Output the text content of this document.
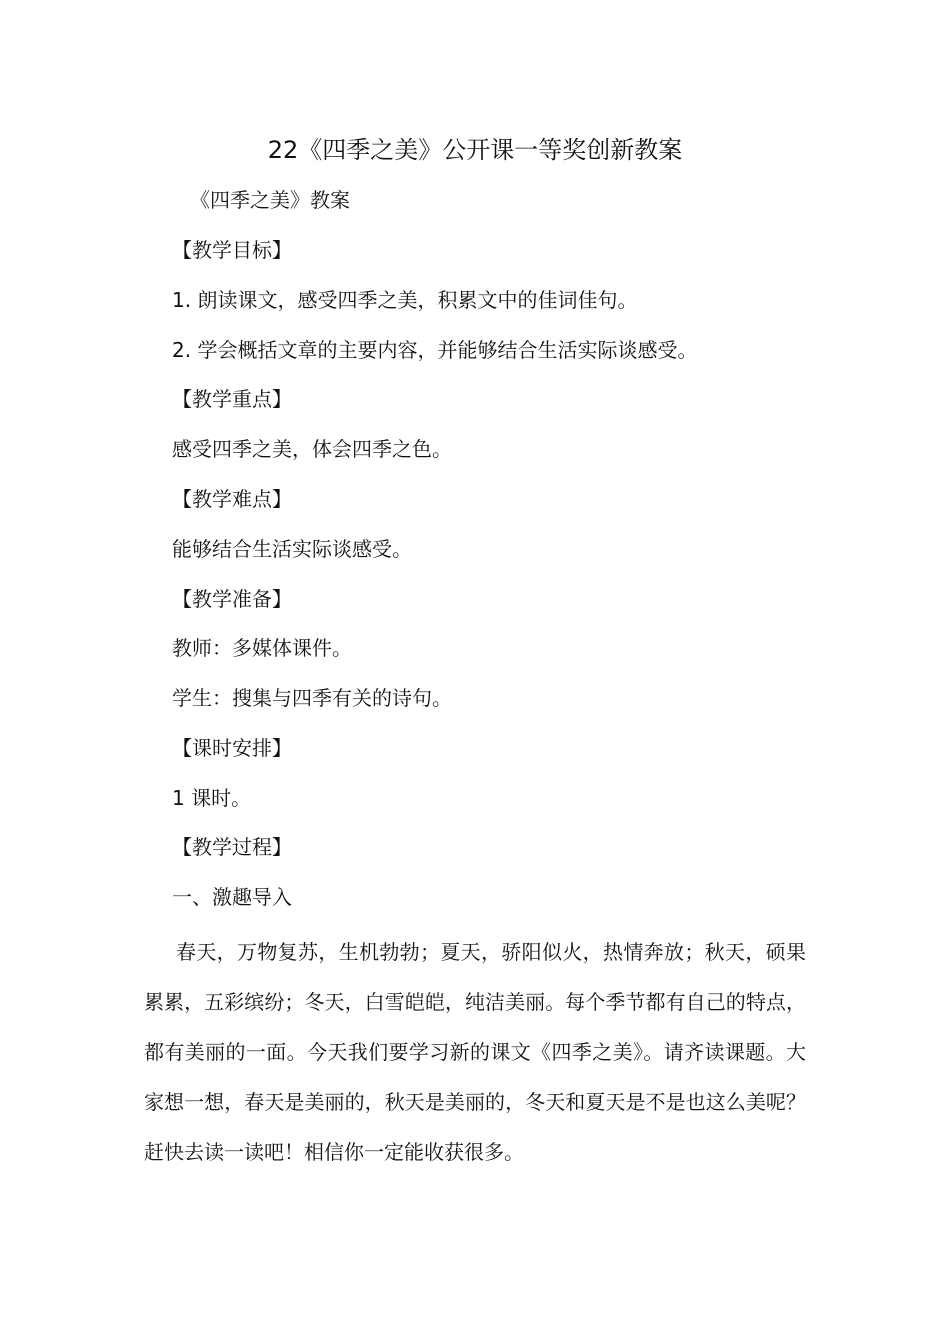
22《四季之美》公开课一等奖创新教案
《四季之美》教案
【教学目标】
1. 朗读课文，感受四季之美，积累文中的佳词佳句。
2. 学会概括文章的主要内容，并能够结合生活实际谈感受。
【教学重点】
感受四季之美，体会四季之色。
【教学难点】
能够结合生活实际谈感受。
【教学准备】
教师：多媒体课件。
学生：搜集与四季有关的诗句。
【课时安排】
1 课时。
【教学过程】
一、激趣导入

春天，万物复苏，生机勃勃；夏天，骄阳似火，热情奔放；秋天，硕果累累，五彩缤纷；冬天，白雪皑皑，纯洁美丽。每个季节都有自己的特点，都有美丽的一面。今天我们要学习新的课文《四季之美》。请齐读课题。大家想一想，春天是美丽的，秋天是美丽的，冬天和夏天是不是也这么美呢？赶快去读一读吧！相信你一定能收获很多。
